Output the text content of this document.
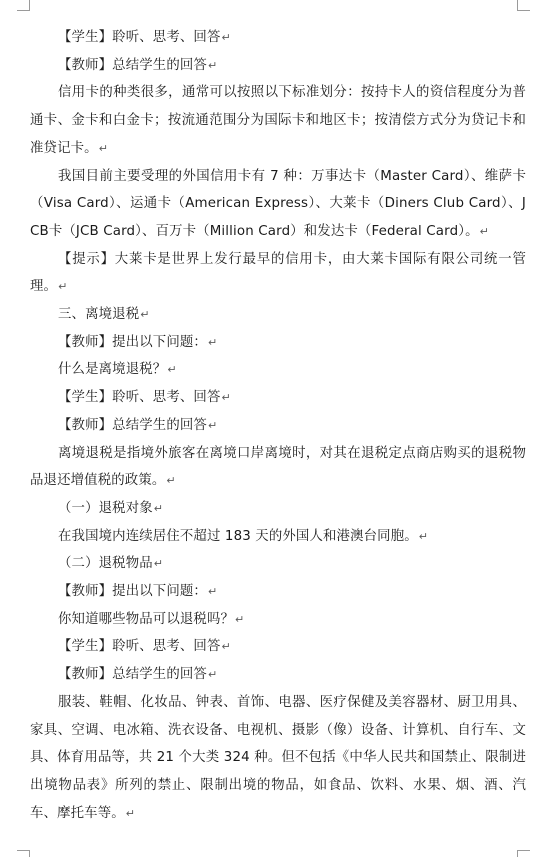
【学生】聆听、思考、回答↵

【教师】总结学生的回答↵

信用卡的种类很多，通常可以按照以下标准划分：按持卡人的资信程度分为普通卡、金卡和白金卡；按流通范围分为国际卡和地区卡；按清偿方式分为贷记卡和准贷记卡。↵

我国目前主要受理的外国信用卡有 7 种：万事达卡（Master Card）、维萨卡（Visa Card）、运通卡（American Express）、大莱卡（Diners Club Card）、JCB卡（JCB Card）、百万卡（Million Card）和发达卡（Federal Card）。↵

【提示】大莱卡是世界上发行最早的信用卡，由大莱卡国际有限公司统一管理。↵

三、离境退税↵

【教师】提出以下问题：↵

什么是离境退税？↵

【学生】聆听、思考、回答↵

【教师】总结学生的回答↵

离境退税是指境外旅客在离境口岸离境时，对其在退税定点商店购买的退税物品退还增值税的政策。↵

（一）退税对象↵

在我国境内连续居住不超过 183 天的外国人和港澳台同胞。↵

（二）退税物品↵

【教师】提出以下问题：↵

你知道哪些物品可以退税吗？↵

【学生】聆听、思考、回答↵

【教师】总结学生的回答↵

服装、鞋帽、化妆品、钟表、首饰、电器、医疗保健及美容器材、厨卫用具、家具、空调、电冰箱、洗衣设备、电视机、摄影（像）设备、计算机、自行车、文具、体育用品等，共 21 个大类 324 种。但不包括《中华人民共和国禁止、限制进出境物品表》所列的禁止、限制出境的物品，如食品、饮料、水果、烟、酒、汽车、摩托车等。↵
